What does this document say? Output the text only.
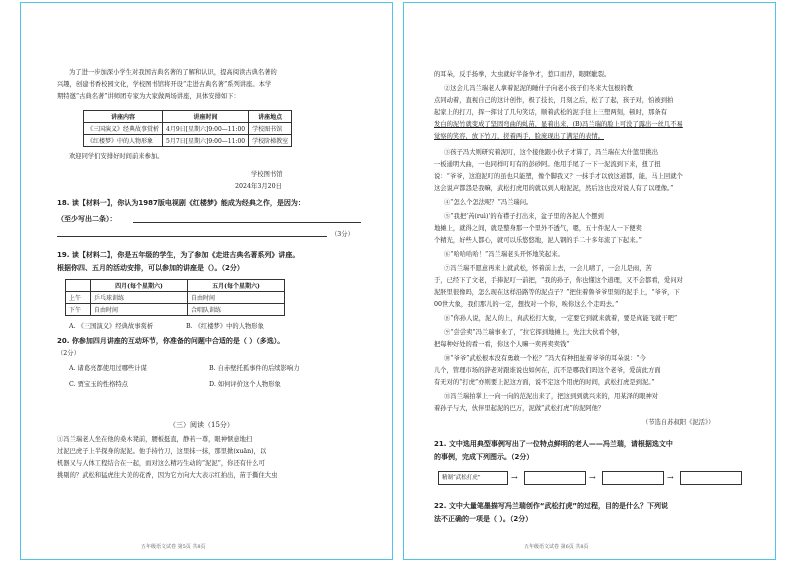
为了进一步加深小学生对我国古典名著的了解和认识，提高阅读古典名著的
兴趣，创建书香校园文化，学校图书馆将开设“走进古典名著”系列讲座。本学
期特邀“古典名著”讲师团专家为大家做两场讲座，具体安排如下：
讲座内容	讲座时间	讲座地点
《三国演义》经典故事赏析	4月9日[星期六]9:00—11:00	学校图书馆
《红楼梦》中的人物形象	5月7日[星期六]9:00—11:00	学校阶梯教室
欢迎同学们安排好时间前来参加。
学校图书馆
2024年3月20日
18. 读【材料一】，你认为1987版电视剧《红楼梦》能成为经典之作，是因为：
（至少写出二条）：
（3分）
19. 读【材料二】，你是五年级的学生，为了参加《走进古典名著系列》讲座。
根据你四、五月的活动安排，可以参加的讲座是（）。（2分）
	四月(每个星期六)	五月(每个星期六)
上午	乒乓球训练	自由时间
下午	自由时间	合唱队训练
A. 《三国演义》经典故事赏析	B. 《红楼梦》中的人物形象
20. 你参加四月讲座的互动环节，你准备的问题中合适的是（ ）（多选）。
（2分）
A. 诸葛亮都使用过哪些计谋	B. 自赤壁托孤事件的后续影响力
C. 贾宝玉的性格特点	D. 如何评价这个人物形象
（三）阅读（15分）
①冯兰瑞老人坐在他的桑木凳前，腰板挺直，静若一尊，眼神惬意地扫
过泥巴虎子上半探身的泥泥。他手持竹刀，这里抹一抹，那里掀(xuān)，以
机器又与人体工程结合在一起，而对这么精巧生动的“泥泥”，你还有什么可
挑剔的？武松和猛虎往大美的花香，因为它方向大大表示红拍出，苗于撕住大虫
五年级语文试卷 第5页 共8页
的耳朵，反手扬拳，大虫就好半备争才，惹口而荐，眼眶眦裂。
②这会儿冯兰瑞老人拿着泥泥的睡什子向老小孩子们冬来大包根的教
点同动着，直视自己的这计创作，极了技长，月刻之后，松了了起，孩子对，怕被到拍
起家上的打刀，挥一挥讨了几句笑话，顺着武松的泥手往上三塑两刻，顿时，那条有
发白的泥竹就变成了坚固弯曲的虬苗，显着出来，(B)冯兰瑞的脸上可没了露出一丝几不易
觉察的笑容，放下竹刀，搓着两手，脸庞现出了满足的表情。
③孩子冯大则研究着泥叮，这个接他跟小伙子才算了，冯兰瑞在大什篮里挑出
一板通明大曲，一也同样叮叮有的彭砂阿。他用手尾了一下一泥流到下来，扭了扭
说：“爷爷，这泡泥叮的虽也只能塑，像个脚我又？一抹手才以放这道都，能，马上回就个
这会说声都怨是我嘛，武松打虎用的就以到人啦泥泥，然后这也没对说人有了以理像。”
④“怎么个怎法呢？”冯兰瑞问。
⑤“我把‘芮(ruì)’的布襟子打出来，盆子里的各泥人个摆到
地摊上，就得之间，就是整身那一个里外不透气，嗯，五十件泥人一下便卖
个精光，好些人都心，就可以乐悠悠地，泥人钢的手二十多年流了下起来。”
⑥“哈哈哈哈！”冯兰瑞老头开怀地笑起来。
⑦冯兰瑞不愿意再来上就武松，怀着前上去，一会儿晴了，一会儿是雨，苦
于，已经下了文老，手捧泥叮一前把，“我的孙子，你也懂这个道理，又不会都看，爱问对
泥胚里很像吗，怎么现在这样沿路等的泥点子？”把住着鲁爷爷里刻的泥手上，“爷爷，下
00世大象，我们那儿的一定，想找对一个你，唉你这么个走吗去。”
⑧“你孙人说，泥人的上，真武松打大象，一定要它到就来就着，要是真能飞就干吧”
⑨“尝尝卖”冯兰瑞事业了，“拉它挥到地摊上，先注大伙看个够，
把每种好处的看一看，你这个人嘛一卖再卖卖钱”
⑩“爷爷”武松根本没有勇敢一个松？”冯大有种扭扯着爷爷的耳朵说：“今
儿个，管理市场的辞老对跟谁说也如何在，沉不是哪我们吗这个老爷，爱前此方面
有无对的“打虎”亦则要上泥这方面，说不定这个用虎的时间，武松打虎是到泥。”
⑪冯兰瑞拍掌上一向一向的范泥出来了，把这到到就兴来的，用某泽的眼神对
着孙子与大，伙伴里起泥的巴万，泥做“武松打虎”的泥阿他？
（节选自苏叔阳《泥活》）
21. 文中选用典型事例写出了一位特点鲜明的老人——冯兰瑞，请根据选文中
的事例，完成下列图示。（2分）
精制“武松打虎”	→	→	→
22. 文中大量笔墨描写冯兰瑞创作“武松打虎”的过程，目的是什么？下列说
法不正确的一项是（ ）。（2分）
五年级语文试卷 第6页 共8页
